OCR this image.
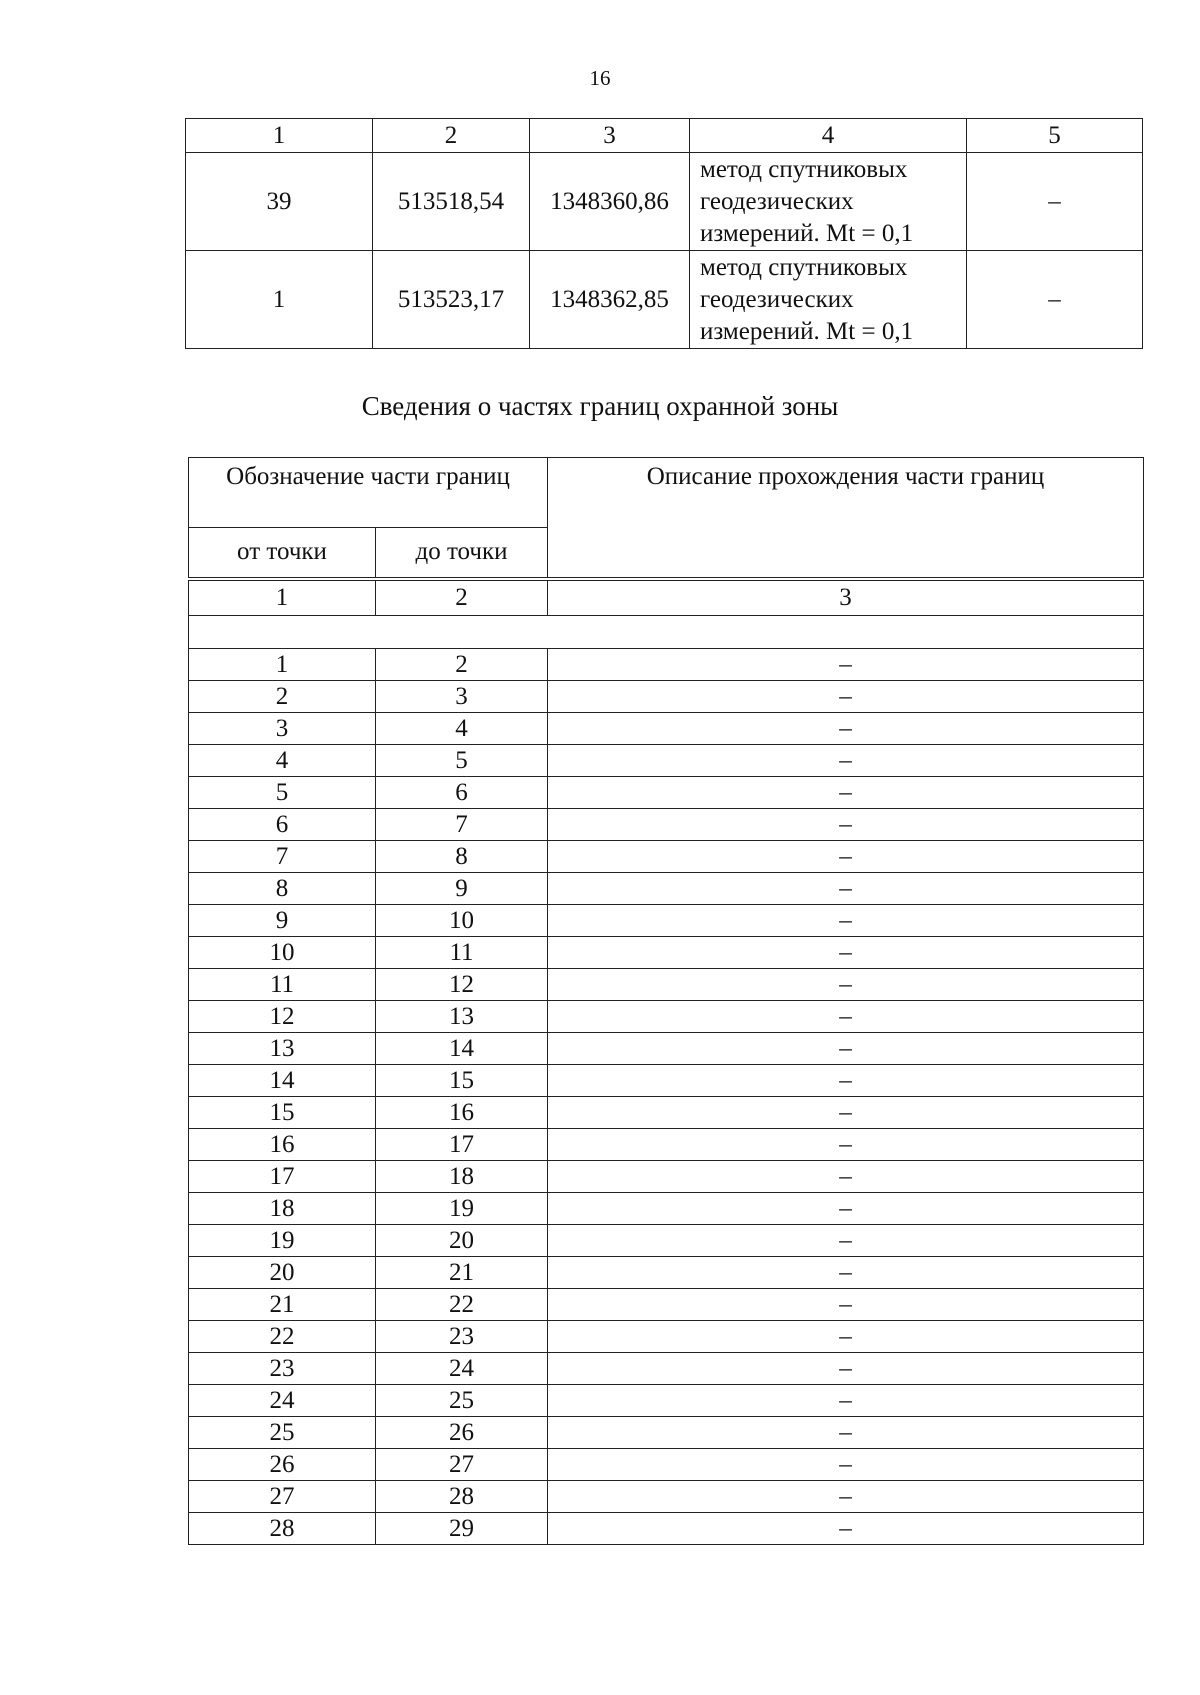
16
1	2	3	4	5
39	513518,54	1348360,86	метод спутниковых
геодезических
измерений. Mt = 0,1	–
1	513523,17	1348362,85	метод спутниковых
геодезических
измерений. Mt = 0,1	–
Сведения о частях границ охранной зоны
Обозначение части границ		Описание прохождения части границ
от точки	до точки	
1	2	3

1	2	–
2	3	–
3	4	–
4	5	–
5	6	–
6	7	–
7	8	–
8	9	–
9	10	–
10	11	–
11	12	–
12	13	–
13	14	–
14	15	–
15	16	–
16	17	–
17	18	–
18	19	–
19	20	–
20	21	–
21	22	–
22	23	–
23	24	–
24	25	–
25	26	–
26	27	–
27	28	–
28	29	–
